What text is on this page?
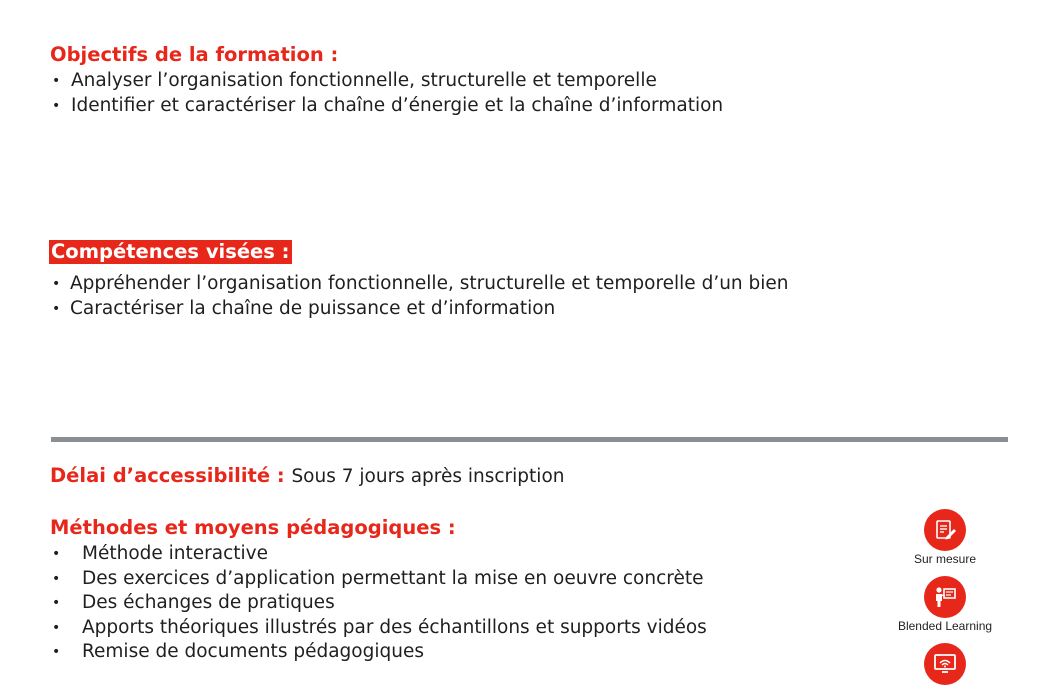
Objectifs de la formation :
• Analyser l’organisation fonctionnelle, structurelle et temporelle
• Identifier et caractériser la chaîne d’énergie et la chaîne d’information
Compétences visées :
• Appréhender l’organisation fonctionnelle, structurelle et temporelle d’un bien
• Caractériser la chaîne de puissance et d’information
Délai d’accessibilité : Sous 7 jours après inscription
Méthodes et moyens pédagogiques :
• Méthode interactive
• Des exercices d’application permettant la mise en oeuvre concrète
• Des échanges de pratiques
• Apports théoriques illustrés par des échantillons et supports vidéos
• Remise de documents pédagogiques
Sur mesure
Blended Learning
